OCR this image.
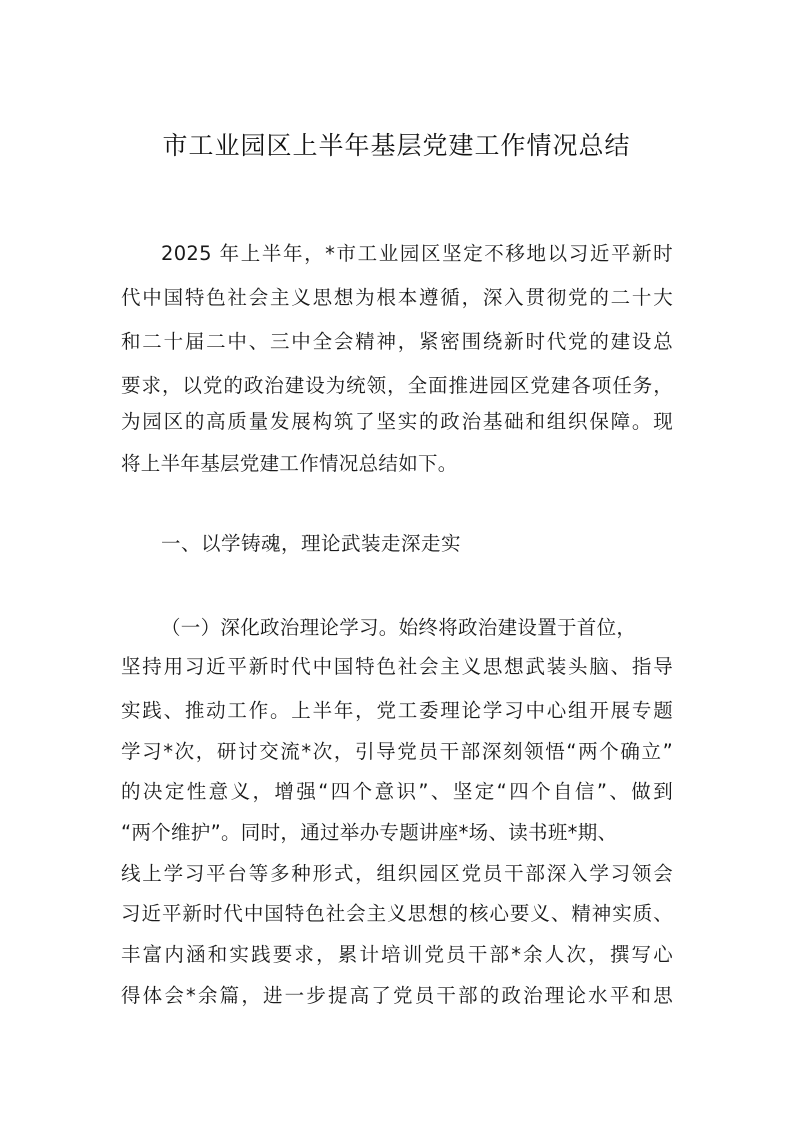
市工业园区上半年基层党建工作情况总结
2025 年上半年，*市工业园区坚定不移地以习近平新时
代中国特色社会主义思想为根本遵循，深入贯彻党的二十大
和二十届二中、三中全会精神，紧密围绕新时代党的建设总
要求，以党的政治建设为统领，全面推进园区党建各项任务，
为园区的高质量发展构筑了坚实的政治基础和组织保障。现
将上半年基层党建工作情况总结如下。
一、以学铸魂，理论武装走深走实
（一）深化政治理论学习。始终将政治建设置于首位，
坚持用习近平新时代中国特色社会主义思想武装头脑、指导
实践、推动工作。上半年，党工委理论学习中心组开展专题
学习*次，研讨交流*次，引导党员干部深刻领悟“两个确立”
的决定性意义，增强“四个意识”、坚定“四个自信”、做到
“两个维护”。同时，通过举办专题讲座*场、读书班*期、
线上学习平台等多种形式，组织园区党员干部深入学习领会
习近平新时代中国特色社会主义思想的核心要义、精神实质、
丰富内涵和实践要求，累计培训党员干部*余人次，撰写心
得体会*余篇，进一步提高了党员干部的政治理论水平和思
